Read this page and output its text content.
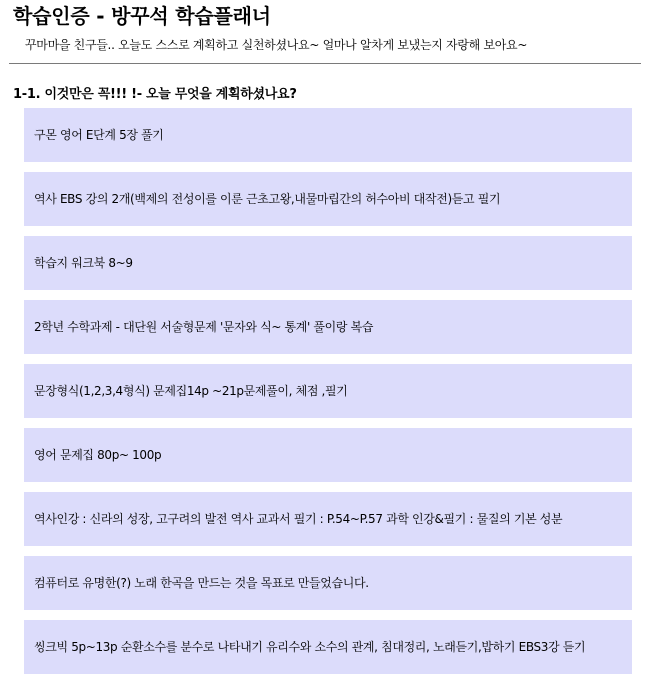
학습인증 - 방꾸석 학습플래너
꾸마마을 친구들.. 오늘도 스스로 계획하고 실천하셨나요~ 얼마나 알차게 보냈는지 자랑해 보아요~
1-1. 이것만은 꼭!!! !- 오늘 무엇을 계획하셨나요?
구몬 영어 E단계 5장 풀기
역사 EBS 강의 2개(백제의 전성이를 이룬 근초고왕,내물마립간의 허수아비 대작전)듣고 필기
학습지 워크북 8~9
2학년 수학과제 - 대단원 서술형문제 '문자와 식~ 통계' 풀이랑 복습
문장형식(1,2,3,4형식) 문제집14p ~21p문제풀이, 체점 ,필기
영어 문제집 80p~ 100p
역사인강 : 신라의 성장, 고구려의 발전 역사 교과서 필기 : P.54~P.57 과학 인강&필기 : 물질의 기본 성분
컴퓨터로 유명한(?) 노래 한곡을 만드는 것을 목표로 만들었습니다.
씽크빅 5p~13p 순환소수를 분수로 나타내기 유리수와 소수의 관계, 침대정리, 노래듣기,밥하기 EBS3강 듣기
